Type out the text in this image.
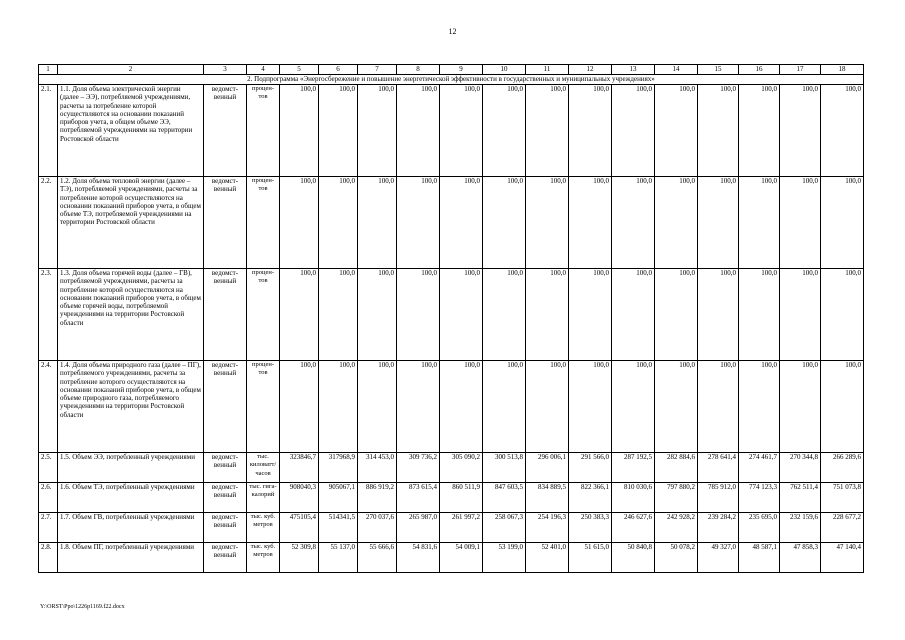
12
1	2	3	4	5	6	7	8	9	10	11	12	13	14	15	16	17	18
2. Подпрограмма «Энергосбережение и повышение энергетической эффективности в государственных и муниципальных учреждениях»																	
2.1.	1.1. Доля объема электрической энергии (далее – ЭЭ), потребляемой учреждениями, расчеты за потребление которой осуществляются на основании показаний приборов учета, в общем объеме ЭЭ, потребляемой учреждениями на территории Ростовской области	ведомст- венный	процен- тов	100,0	100,0	100,0	100,0	100,0	100,0	100,0	100,0	100,0	100,0	100,0	100,0	100,0	100,0
2.2.	1.2. Доля объема тепловой энергии (далее – ТЭ), потребляемой учреждениями, расчеты за потребление которой осуществляются на основании показаний приборов учета, в общем объеме ТЭ, потребляемой учреждениями на территории Ростовской области	ведомст- венный	процен- тов	100,0	100,0	100,0	100,0	100,0	100,0	100,0	100,0	100,0	100,0	100,0	100,0	100,0	100,0
2.3.	1.3. Доля объема горячей воды (далее – ГВ), потребляемой учреждениями, расчеты за потребление которой осуществляются на основании показаний приборов учета, в общем объеме горячей воды, потребляемой учреждениями на территории Ростовской области	ведомст- венный	процен- тов	100,0	100,0	100,0	100,0	100,0	100,0	100,0	100,0	100,0	100,0	100,0	100,0	100,0	100,0
2.4.	1.4. Доля объема природного газа (далее – ПГ), потребляемого учреждениями, расчеты за потребление которого осуществляются на основании показаний приборов учета, в общем объеме природного газа, потребляемого учреждениями на территории Ростовской области	ведомст- венный	процен- тов	100,0	100,0	100,0	100,0	100,0	100,0	100,0	100,0	100,0	100,0	100,0	100,0	100,0	100,0
2.5.	1.5. Объем ЭЭ, потребленный учреждениями	ведомст- венный	тыс. киловатт/ часов	323846,7	317968,9	314 453,0	309 736,2	305 090,2	300 513,8	296 006,1	291 566,0	287 192,5	282 884,6	278 641,4	274 461,7	270 344,8	266 289,6
2.6.	1.6. Объем ТЭ, потребленный учреждениями	ведомст- венный	тыс. гига- калорий	908040,3	905067,1	886 919,2	873 615,4	860 511,9	847 603,5	834 889,5	822 366,1	810 030,6	797 880,2	785 912,0	774 123,3	762 511,4	751 073,8
2.7.	1.7. Объем ГВ, потребленный учреждениями	ведомст- венный	тыс. куб. метров	475105,4	514341,5	270 037,6	265 987,0	261 997,2	258 067,3	254 196,3	250 383,3	246 627,6	242 928,2	239 284,2	235 695,0	232 159,6	228 677,2
2.8.	1.8. Объем ПГ, потребленный учреждениями	ведомст- венный	тыс. куб. метров	52 309,8	55 137,0	55 666,6	54 831,6	54 009,1	53 199,0	52 401,0	51 615,0	50 840,8	50 078,2	49 327,0	48 587,1	47 858,3	47 140,4
Y:\ORST\Ppo\1226p1169.f22.docx
